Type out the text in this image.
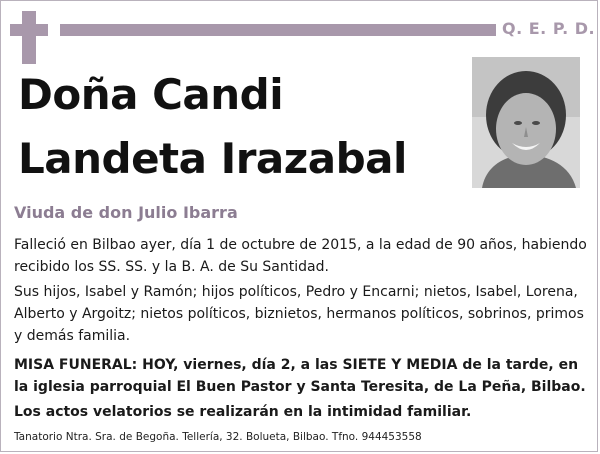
Q. E. P. D.
Doña Candi
Landeta Irazabal
Viuda de don Julio Ibarra
Falleció en Bilbao ayer, día 1 de octubre de 2015, a la edad de 90 años, habiendo recibido los SS. SS. y la B. A. de Su Santidad.
Sus hijos, Isabel y Ramón; hijos políticos, Pedro y Encarni; nietos, Isabel, Lorena, Alberto y Argoitz; nietos políticos, biznietos, hermanos políticos, sobrinos, primos y demás familia.
MISA FUNERAL: HOY, viernes, día 2, a las SIETE Y MEDIA de la tarde, en la iglesia parroquial El Buen Pastor y Santa Teresita, de La Peña, Bilbao.
Los actos velatorios se realizarán en la intimidad familiar.
Tanatorio Ntra. Sra. de Begoña. Tellería, 32. Bolueta, Bilbao. Tfno. 944453558
